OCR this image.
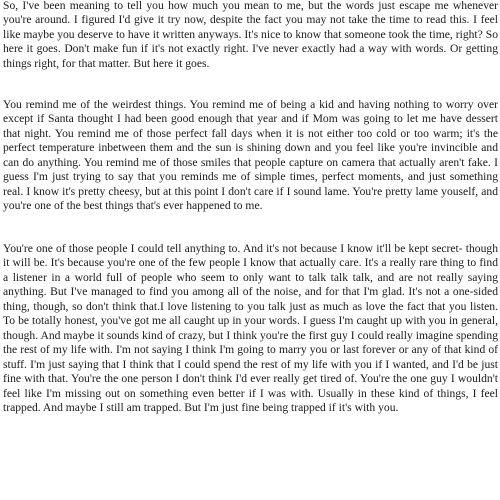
So, I've been meaning to tell you how much you mean to me, but the words just escape me whenever you're around. I figured I'd give it try now, despite the fact you may not take the time to read this. I feel like maybe you deserve to have it written anyways. It's nice to know that someone took the time, right? So here it goes. Don't make fun if it's not exactly right. I've never exactly had a way with words. Or getting things right, for that matter. But here it goes.

You remind me of the weirdest things. You remind me of being a kid and having nothing to worry over except if Santa thought I had been good enough that year and if Mom was going to let me have dessert that night. You remind me of those perfect fall days when it is not either too cold or too warm; it's the perfect temperature inbetween them and the sun is shining down and you feel like you're invincible and can do anything. You remind me of those smiles that people capture on camera that actually aren't fake. I guess I'm just trying to say that you reminds me of simple times, perfect moments, and just something real. I know it's pretty cheesy, but at this point I don't care if I sound lame. You're pretty lame youself, and you're one of the best things that's ever happened to me.

You're one of those people I could tell anything to. And it's not because I know it'll be kept secret- though it will be. It's because you're one of the few people I know that actually care. It's a really rare thing to find a listener in a world full of people who seem to only want to talk talk talk, and are not really saying anything. But I've managed to find you among all of the noise, and for that I'm glad. It's not a one-sided thing, though, so don't think that.I love listening to you talk just as much as love the fact that you listen. To be totally honest, you've got me all caught up in your words. I guess I'm caught up with you in general, though. And maybe it sounds kind of crazy, but I think you're the first guy I could really imagine spending the rest of my life with. I'm not saying I think I'm going to marry you or last forever or any of that kind of stuff. I'm just saying that I think that I could spend the rest of my life with you if I wanted, and I'd be just fine with that. You're the one person I don't think I'd ever really get tired of. You're the one guy I wouldn't feel like I'm missing out on something even better if I was with. Usually in these kind of things, I feel trapped. And maybe I still am trapped. But I'm just fine being trapped if it's with you.
